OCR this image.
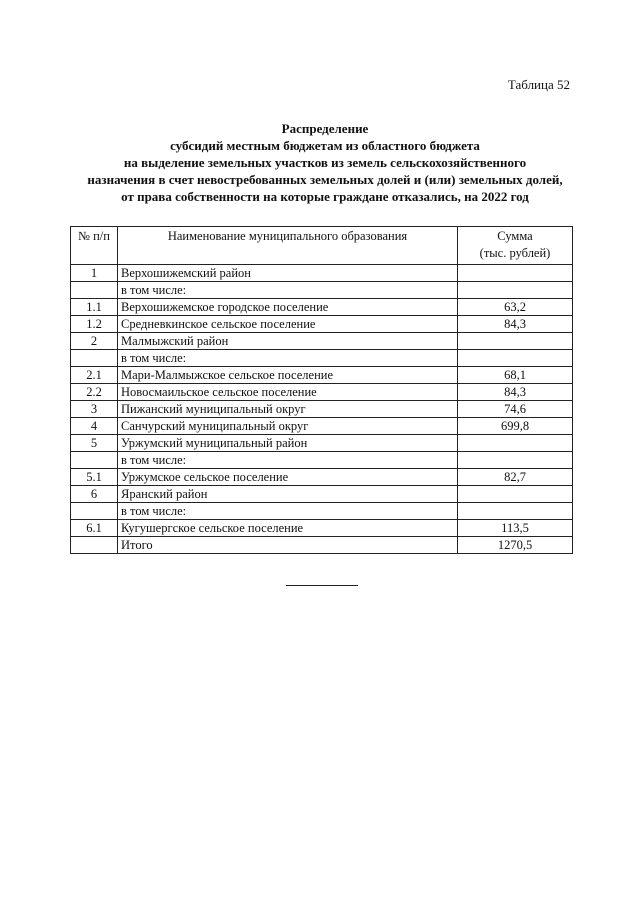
Таблица 52
Распределение
субсидий местным бюджетам из областного бюджета
на выделение земельных участков из земель сельскохозяйственного
назначения в счет невостребованных земельных долей и (или) земельных долей,
от права собственности на которые граждане отказались, на 2022 год
№ п/п	Наименование муниципального образования	Сумма
(тыс. рублей)
1	Верхошижемский район	
	в том числе:	
1.1	Верхошижемское городское поселение	63,2
1.2	Средневкинское сельское поселение	84,3
2	Малмыжский район	
	в том числе:	
2.1	Мари-Малмыжское сельское поселение	68,1
2.2	Новосмаильское сельское поселение	84,3
3	Пижанский муниципальный округ	74,6
4	Санчурский муниципальный округ	699,8
5	Уржумский муниципальный район	
	в том числе:	
5.1	Уржумское сельское поселение	82,7
6	Яранский район	
	в том числе:	
6.1	Кугушергское сельское поселение	113,5
	Итого	1270,5
